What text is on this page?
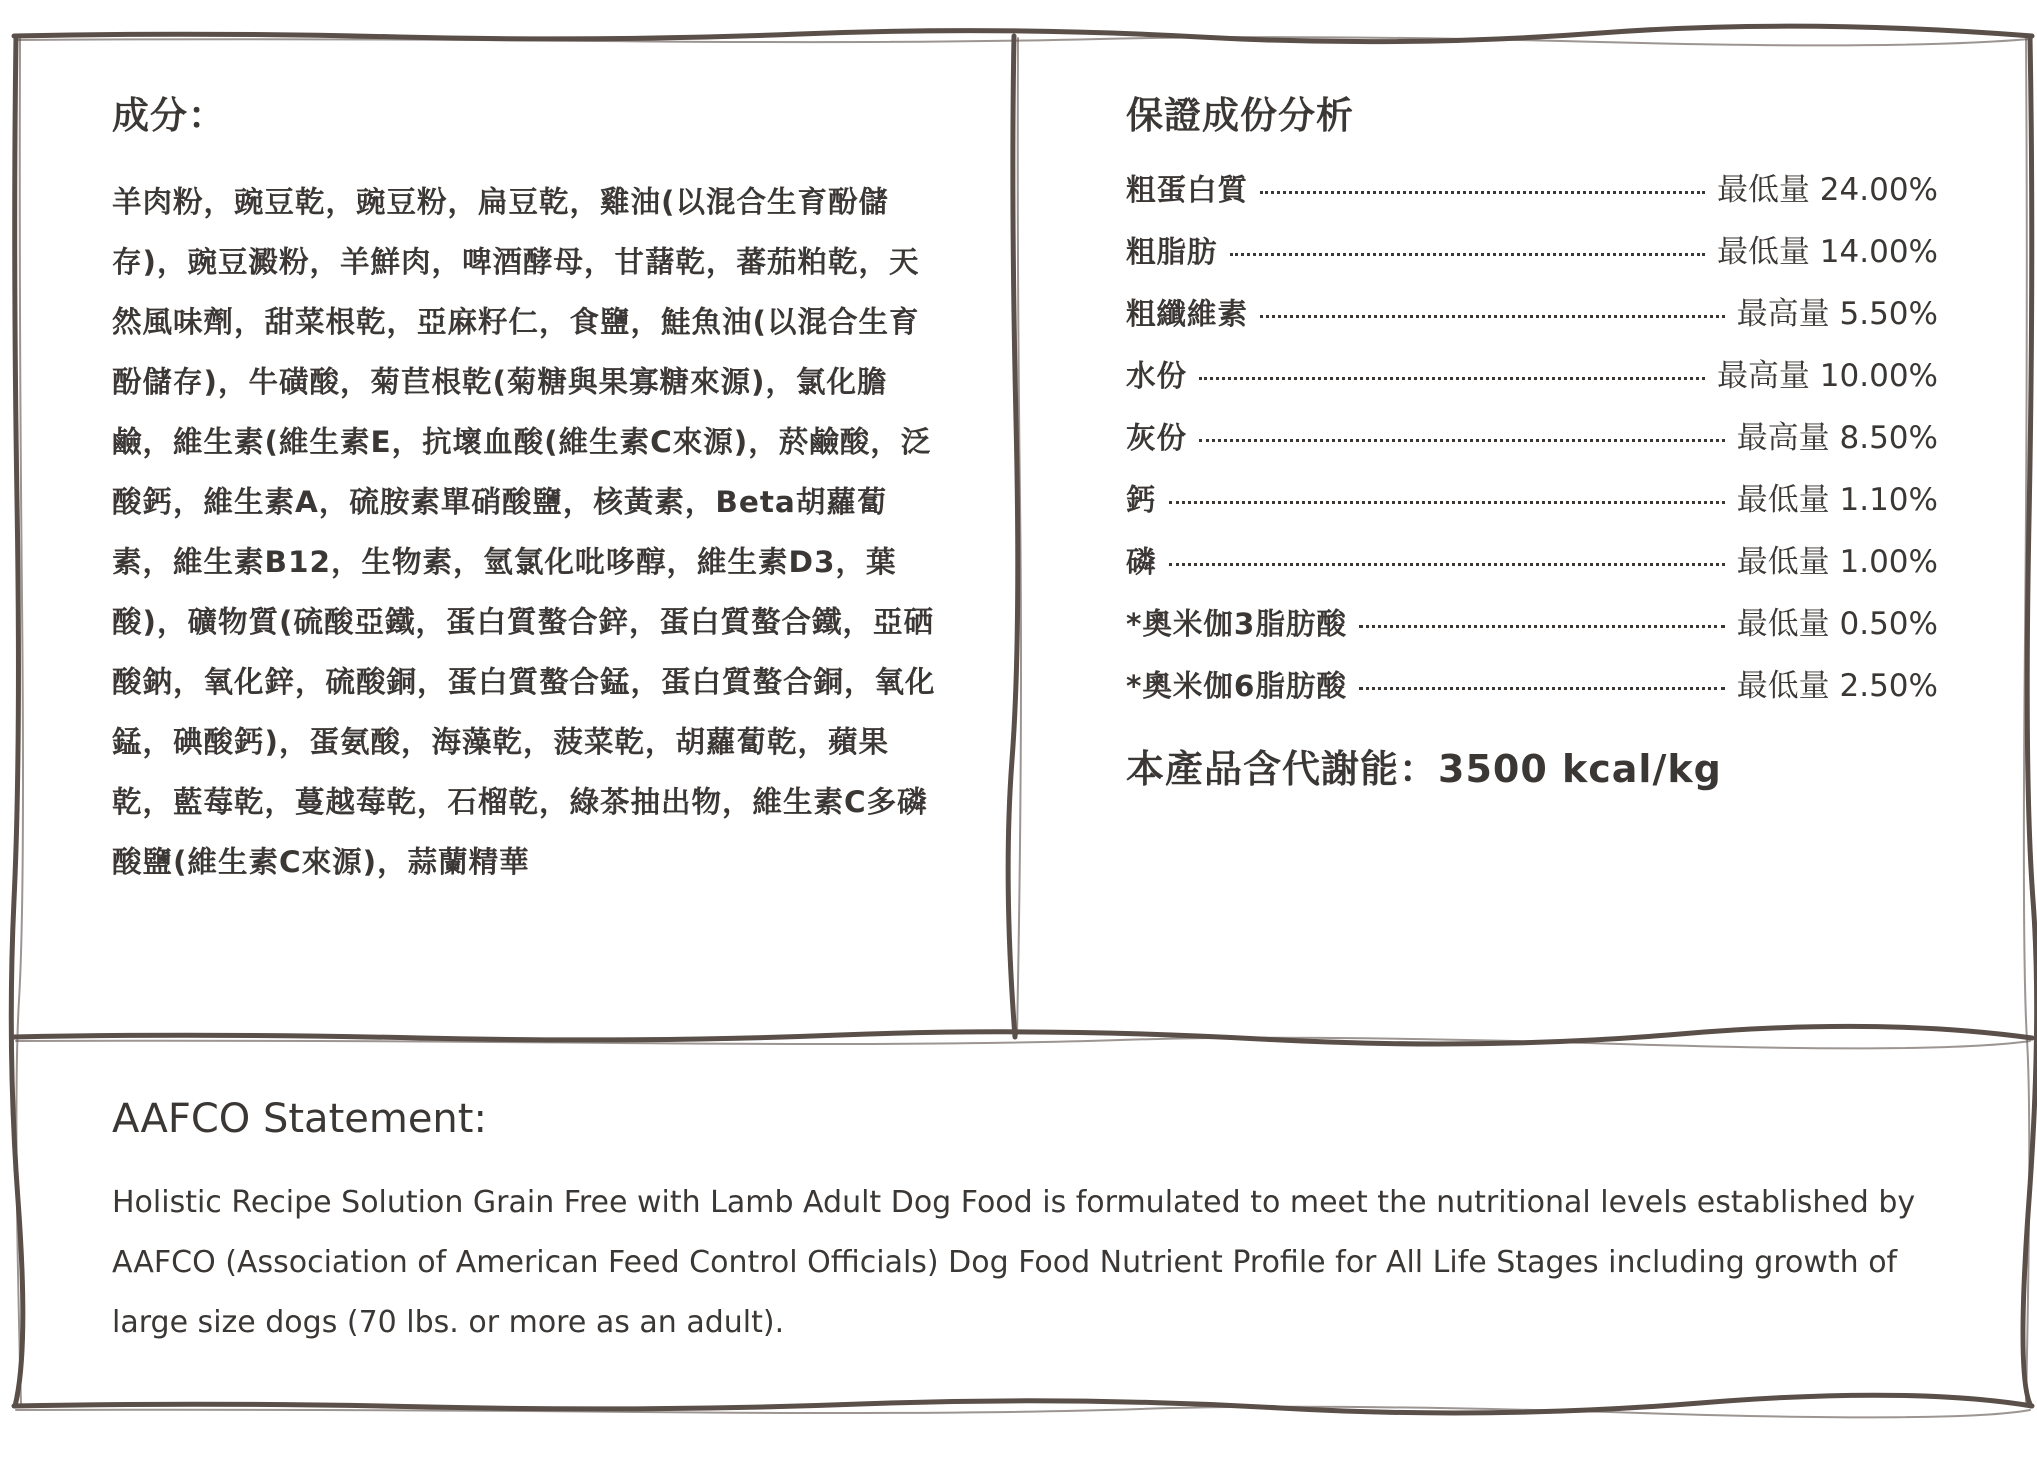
成分：
羊肉粉，豌豆乾，豌豆粉，扁豆乾，雞油(以混合生育酚儲存)，豌豆澱粉，羊鮮肉，啤酒酵母，甘藷乾，蕃茄粕乾，天然風味劑，甜菜根乾，亞麻籽仁，食鹽，鮭魚油(以混合生育酚儲存)，牛磺酸，菊苣根乾(菊糖與果寡糖來源)，氯化膽鹼，維生素(維生素E，抗壞血酸(維生素C來源)，菸鹼酸，泛酸鈣，維生素A，硫胺素單硝酸鹽，核黃素，Beta胡蘿蔔素，維生素B12，生物素，氫氯化吡哆醇，維生素D3，葉酸)，礦物質(硫酸亞鐵，蛋白質螯合鋅，蛋白質螯合鐵，亞硒酸鈉，氧化鋅，硫酸銅，蛋白質螯合錳，蛋白質螯合銅，氧化錳，碘酸鈣)，蛋氨酸，海藻乾，菠菜乾，胡蘿蔔乾，蘋果乾，藍莓乾，蔓越莓乾，石榴乾，綠茶抽出物，維生素C多磷酸鹽(維生素C來源)，蒜蘭精華
保證成份分析
粗蛋白質	最低量 24.00%
粗脂肪	最低量 14.00%
粗纖維素	最高量 5.50%
水份	最高量 10.00%
灰份	最高量 8.50%
鈣	最低量 1.10%
磷	最低量 1.00%
*奧米伽3脂肪酸	最低量 0.50%
*奧米伽6脂肪酸	最低量 2.50%
本產品含代謝能：3500 kcal/kg
AAFCO Statement:
Holistic Recipe Solution Grain Free with Lamb Adult Dog Food is formulated to meet the nutritional levels established by AAFCO (Association of American Feed Control Officials) Dog Food Nutrient Profile for All Life Stages including growth of large size dogs (70 lbs. or more as an adult).
